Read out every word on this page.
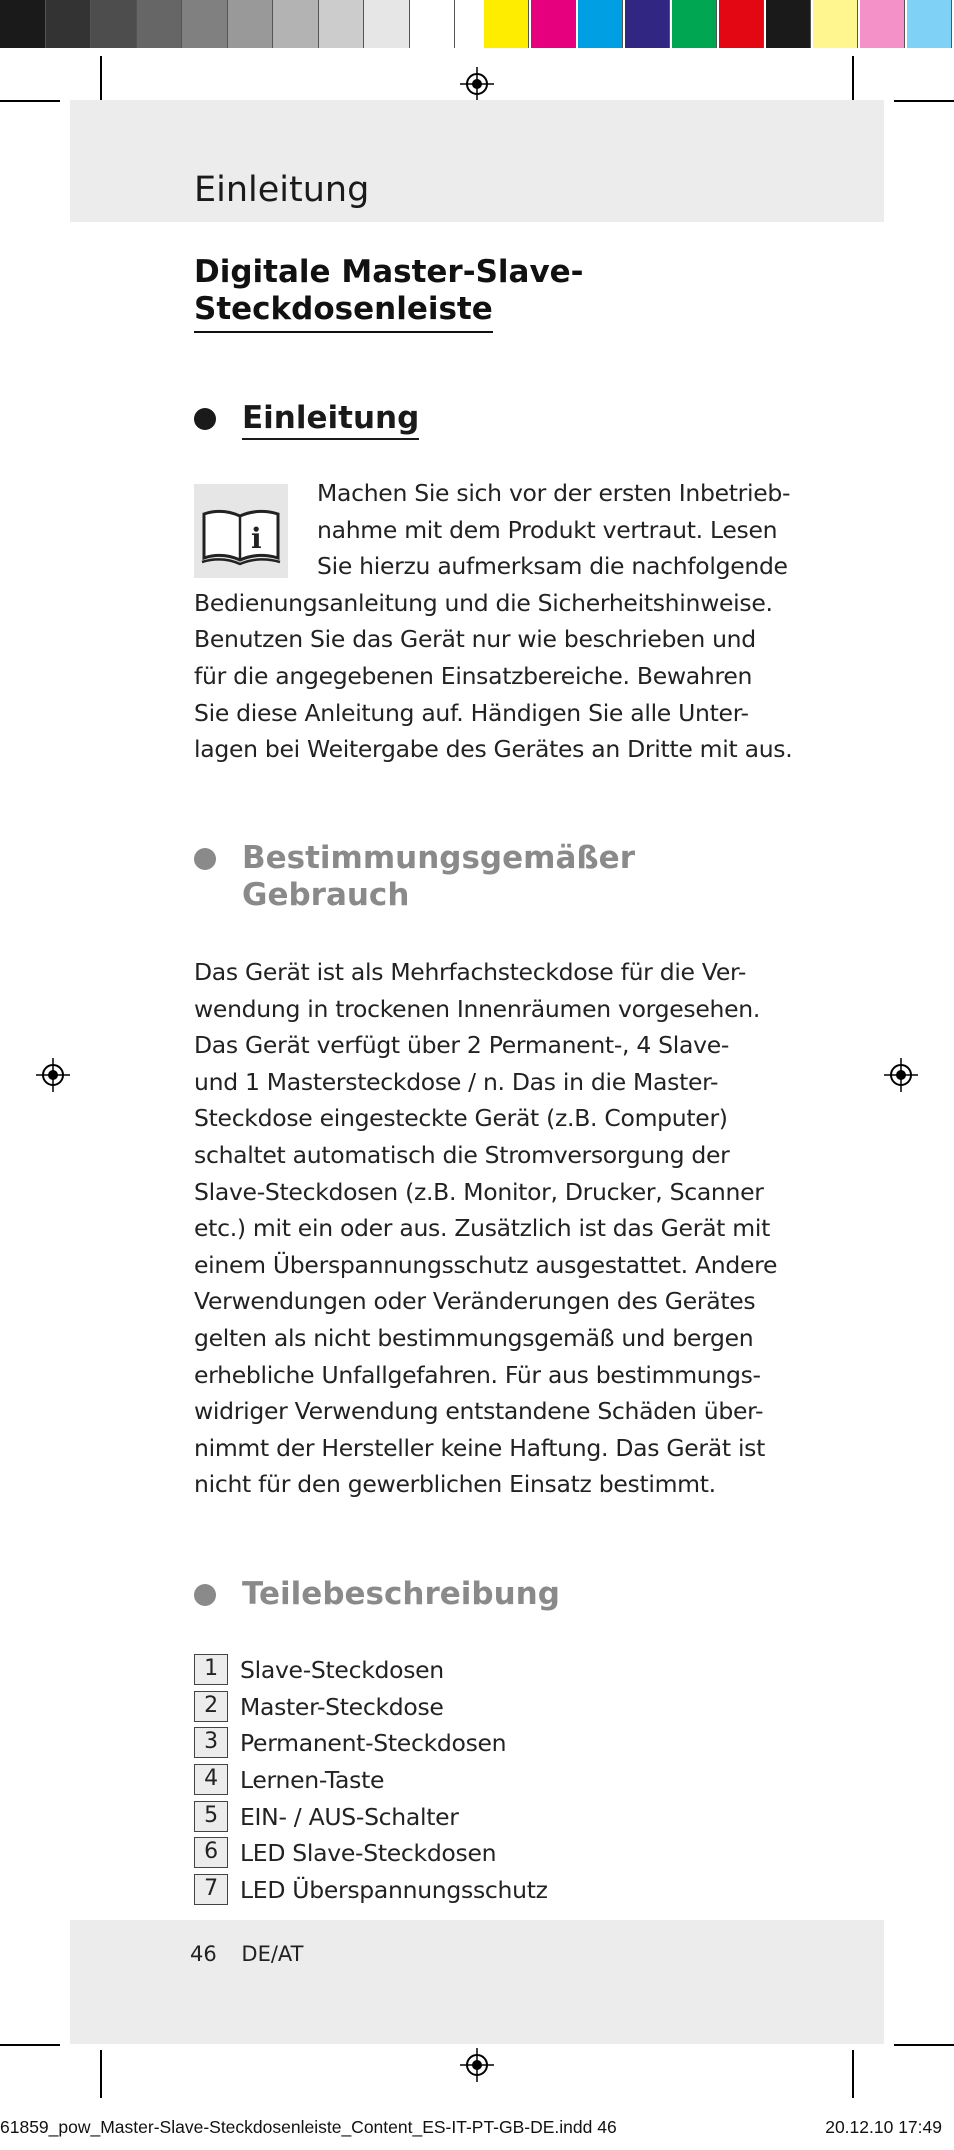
Einleitung
Digitale Master-Slave-
Steckdosenleiste
Einleitung
i

Machen Sie sich vor der ersten Inbetrieb-

nahme mit dem Produkt vertraut. Lesen

Sie hierzu aufmerksam die nachfolgende

Bedienungsanleitung und die Sicherheitshinweise.

Benutzen Sie das Gerät nur wie beschrieben und

für die angegebenen Einsatzbereiche. Bewahren

Sie diese Anleitung auf. Händigen Sie alle Unter-

lagen bei Weitergabe des Gerätes an Dritte mit aus.

Bestimmungsgemäßer
Gebrauch

Das Gerät ist als Mehrfachsteckdose für die Ver-

wendung in trockenen Innenräumen vorgesehen.

Das Gerät verfügt über 2 Permanent-, 4 Slave-

und 1 Mastersteckdose / n. Das in die Master-

Steckdose eingesteckte Gerät (z.B. Computer)

schaltet automatisch die Stromversorgung der

Slave-Steckdosen (z.B. Monitor, Drucker, Scanner

etc.) mit ein oder aus. Zusätzlich ist das Gerät mit

einem Überspannungsschutz ausgestattet. Andere

Verwendungen oder Veränderungen des Gerätes

gelten als nicht bestimmungsgemäß und bergen

erhebliche Unfallgefahren. Für aus bestimmungs-

widriger Verwendung entstandene Schäden über-

nimmt der Hersteller keine Haftung. Das Gerät ist

nicht für den gewerblichen Einsatz bestimmt.

Teilebeschreibung
1 Slave-Steckdosen
2 Master-Steckdose
3 Permanent-Steckdosen
4 Lernen-Taste
5 EIN- / AUS-Schalter
6 LED Slave-Steckdosen
7 LED Überspannungsschutz
46 DE/AT
61859_pow_Master-Slave-Steckdosenleiste_Content_ES-IT-PT-GB-DE.indd 46	20.12.10 17:49
